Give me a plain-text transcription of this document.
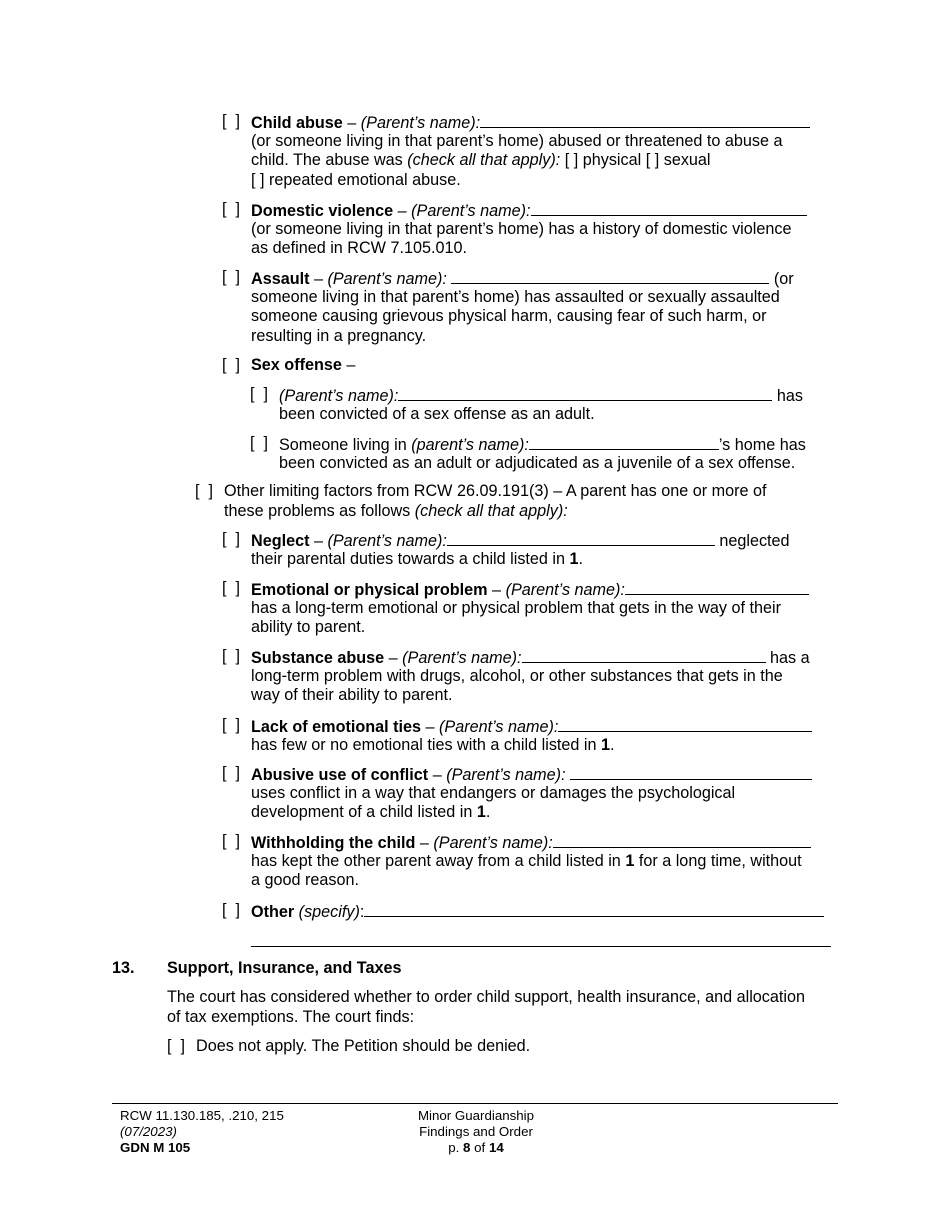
[  ] Child abuse – (Parent’s name):
(or someone living in that parent’s home) abused or threatened to abuse a
child. The abuse was (check all that apply): [ ] physical [ ] sexual
[ ] repeated emotional abuse.
[  ] Domestic violence – (Parent’s name):
(or someone living in that parent’s home) has a history of domestic violence
as defined in RCW 7.105.010.
[  ] Assault – (Parent’s name):	(or
someone living in that parent’s home) has assaulted or sexually assaulted
someone causing grievous physical harm, causing fear of such harm, or
resulting in a pregnancy.
[  ] Sex offense –
[  ] (Parent’s name):	has
been convicted of a sex offense as an adult.
[  ] Someone living in (parent’s name):	’s home has
been convicted as an adult or adjudicated as a juvenile of a sex offense.
[  ] Other limiting factors from RCW 26.09.191(3) – A parent has one or more of
these problems as follows (check all that apply):
[  ] Neglect – (Parent’s name):	neglected
their parental duties towards a child listed in 1.
[  ] Emotional or physical problem – (Parent’s name):
has a long-term emotional or physical problem that gets in the way of their
ability to parent.
[  ] Substance abuse – (Parent’s name):	has a
long-term problem with drugs, alcohol, or other substances that gets in the
way of their ability to parent.
[  ] Lack of emotional ties – (Parent’s name):
has few or no emotional ties with a child listed in 1.
[  ] Abusive use of conflict – (Parent’s name):
uses conflict in a way that endangers or damages the psychological
development of a child listed in 1.
[  ] Withholding the child – (Parent’s name):
has kept the other parent away from a child listed in 1 for a long time, without
a good reason.
[  ] Other (specify):
13. Support, Insurance, and Taxes
The court has considered whether to order child support, health insurance, and allocation
of tax exemptions. The court finds:
[  ] Does not apply. The Petition should be denied.
RCW 11.130.185, .210, 215
(07/2023)
GDN M 105
Minor Guardianship
Findings and Order
p. 8 of 14
